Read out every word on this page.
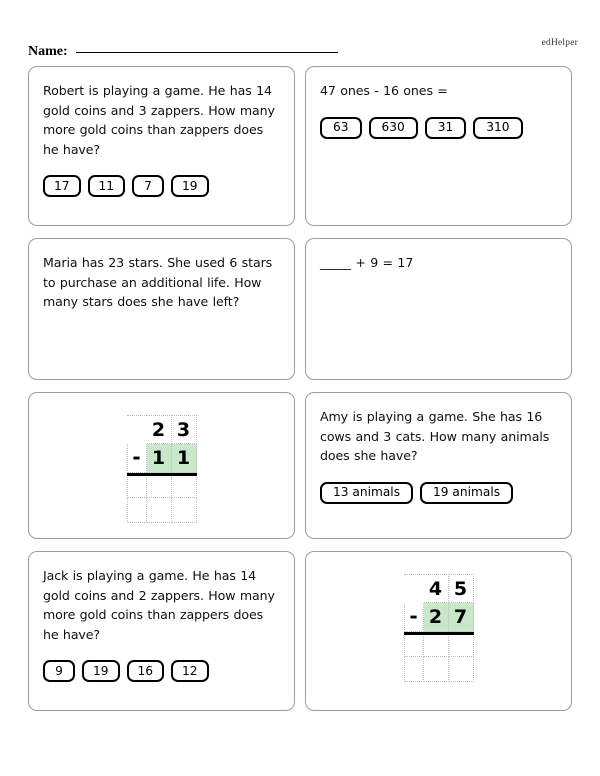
edHelper
Name:
Robert is playing a game. He has 14 gold coins and 3 zappers. How many more gold coins than zappers does he have?
17	11	7	19
47 ones - 16 ones =
63	630	31	310
Maria has 23 stars. She used 6 stars to purchase an additional life. How many stars does she have left?
_____ + 9 = 17
2 3
- 1 1
Amy is playing a game. She has 16 cows and 3 cats. How many animals does she have?
13 animals	19 animals
Jack is playing a game. He has 14 gold coins and 2 zappers. How many more gold coins than zappers does he have?
9	19	16	12
4 5
- 2 7
